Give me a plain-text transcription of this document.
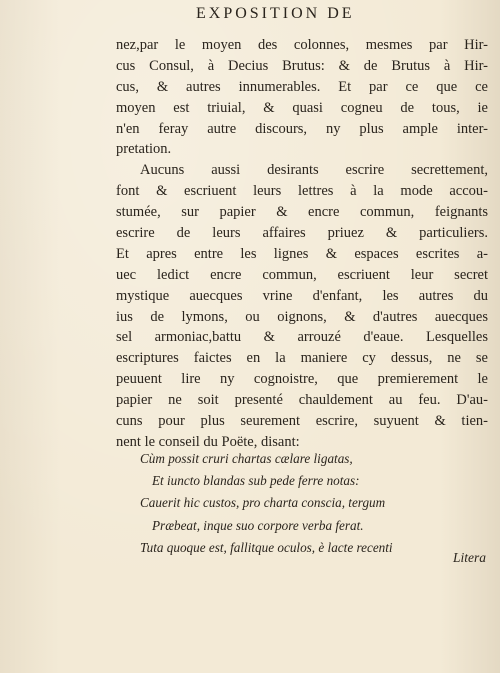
EXPOSITION DE
nez,par le moyen des colonnes, mesmes par Hir-
cus Consul, à Decius Brutus: & de Brutus à Hir-
cus, & autres innumerables. Et par ce que ce
moyen est triuial, & quasi cogneu de tous, ie
n'en feray autre discours, ny plus ample inter-
pretation.
Aucuns aussi desirants escrire secrettement,
font & escriuent leurs lettres à la mode accou-
stumée, sur papier & encre commun, feignants
escrire de leurs affaires priuez & particuliers.
Et apres entre les lignes & espaces escrites a-
uec ledict encre commun, escriuent leur secret
mystique auecques vrine d'enfant, les autres du
ius de lymons, ou oignons, & d'autres auecques
sel armoniac,battu & arrouzé d'eaue. Lesquelles
escriptures faictes en la maniere cy dessus, ne se
peuuent lire ny cognoistre, que premierement le
papier ne soit presenté chauldement au feu. D'au-
cuns pour plus seurement escrire, suyuent & tien-
nent le conseil du Poëte, disant:
Cùm possit cruri chartas cælare ligatas,
Et iuncto blandas sub pede ferre notas:
Cauerit hic custos, pro charta conscia, tergum
Præbeat, inque suo corpore verba ferat.
Tuta quoque est, fallitque oculos, è lacte recenti
Litera
